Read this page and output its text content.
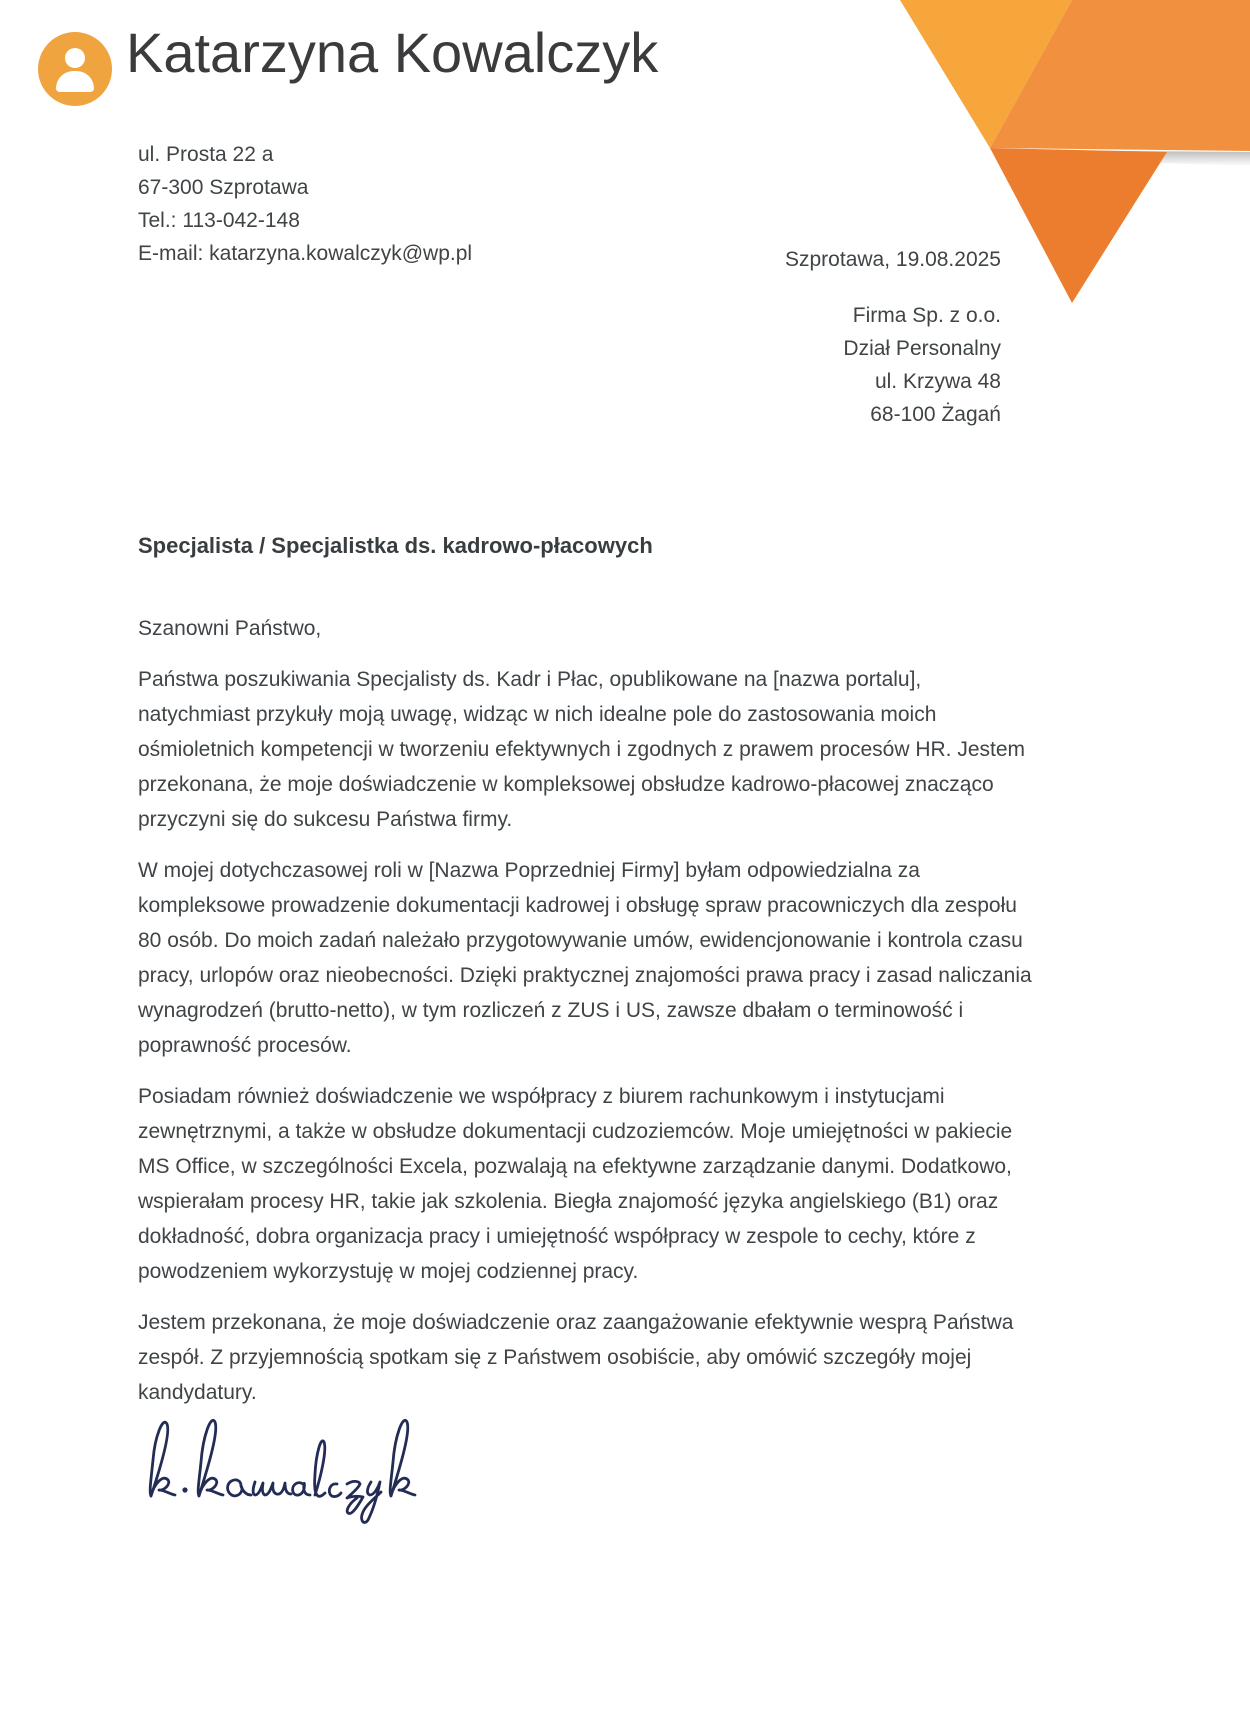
Katarzyna Kowalczyk
ul. Prosta 22 a
67-300 Szprotawa
Tel.: 113-042-148
E-mail: katarzyna.kowalczyk@wp.pl	Szprotawa, 19.08.2025
Firma Sp. z o.o.
Dział Personalny
ul. Krzywa 48
68-100 Żagań
Specjalista / Specjalistka ds. kadrowo-płacowych
Szanowni Państwo,

Państwa poszukiwania Specjalisty ds. Kadr i Płac, opublikowane na [nazwa portalu], natychmiast przykuły moją uwagę, widząc w nich idealne pole do zastosowania moich ośmioletnich kompetencji w tworzeniu efektywnych i zgodnych z prawem procesów HR. Jestem przekonana, że moje doświadczenie w kompleksowej obsłudze kadrowo-płacowej znacząco przyczyni się do sukcesu Państwa firmy.

W mojej dotychczasowej roli w [Nazwa Poprzedniej Firmy] byłam odpowiedzialna za kompleksowe prowadzenie dokumentacji kadrowej i obsługę spraw pracowniczych dla zespołu 80 osób. Do moich zadań należało przygotowywanie umów, ewidencjonowanie i kontrola czasu pracy, urlopów oraz nieobecności. Dzięki praktycznej znajomości prawa pracy i zasad naliczania wynagrodzeń (brutto-netto), w tym rozliczeń z ZUS i US, zawsze dbałam o terminowość i poprawność procesów.

Posiadam również doświadczenie we współpracy z biurem rachunkowym i instytucjami zewnętrznymi, a także w obsłudze dokumentacji cudzoziemców. Moje umiejętności w pakiecie MS Office, w szczególności Excela, pozwalają na efektywne zarządzanie danymi. Dodatkowo, wspierałam procesy HR, takie jak szkolenia. Biegła znajomość języka angielskiego (B1) oraz dokładność, dobra organizacja pracy i umiejętność współpracy w zespole to cechy, które z powodzeniem wykorzystuję w mojej codziennej pracy.

Jestem przekonana, że moje doświadczenie oraz zaangażowanie efektywnie wesprą Państwa zespół. Z przyjemnością spotkam się z Państwem osobiście, aby omówić szczegóły mojej kandydatury.
